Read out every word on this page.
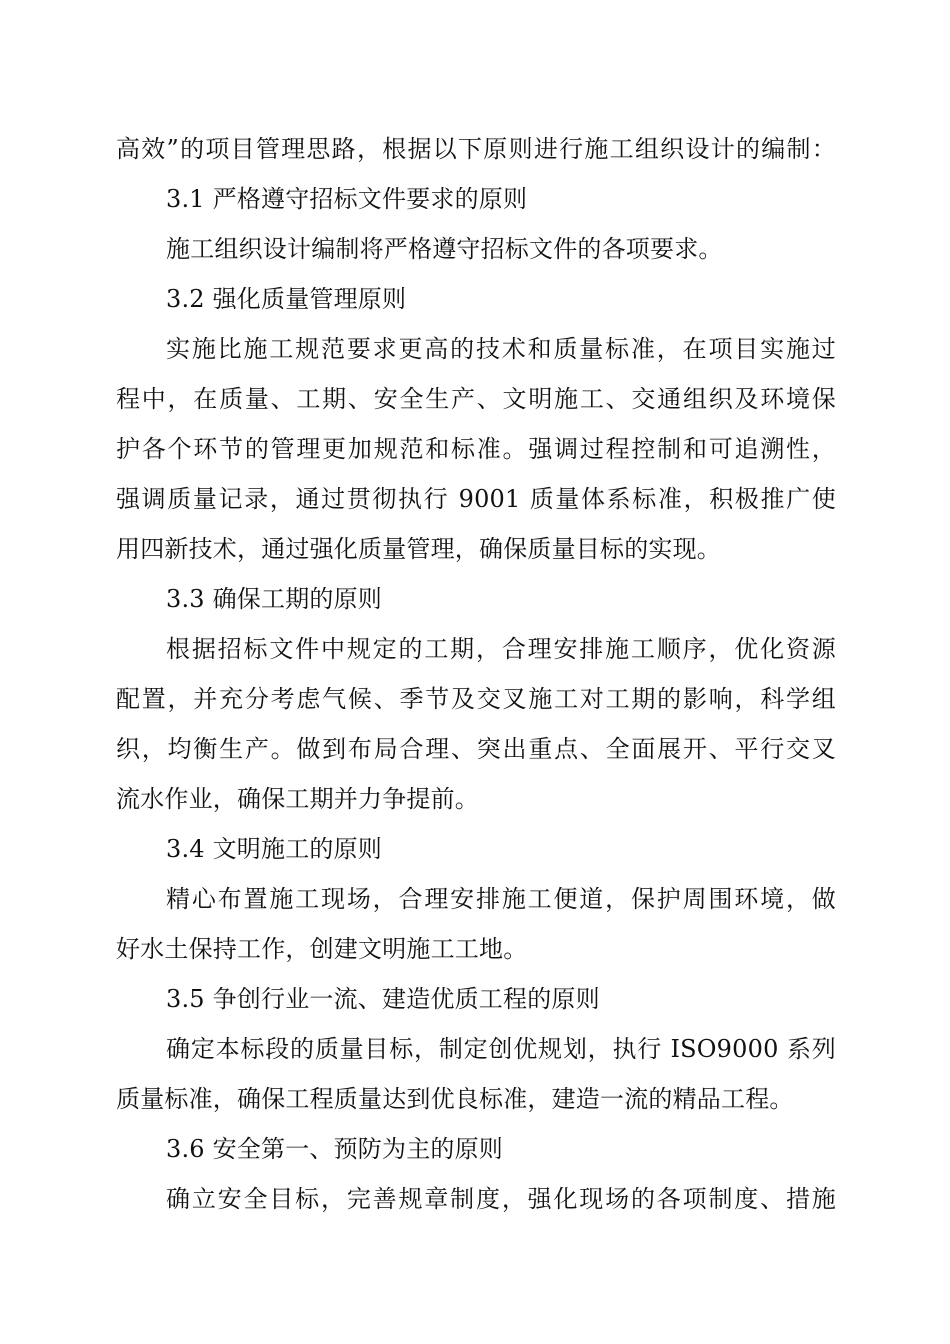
高效”的项目管理思路，根据以下原则进行施工组织设计的编制：
3.1 严格遵守招标文件要求的原则
施工组织设计编制将严格遵守招标文件的各项要求。
3.2 强化质量管理原则
实施比施工规范要求更高的技术和质量标准，在项目实施过
程中，在质量、工期、安全生产、文明施工、交通组织及环境保
护各个环节的管理更加规范和标准。强调过程控制和可追溯性，
强调质量记录，通过贯彻执行 9001 质量体系标准，积极推广使
用四新技术，通过强化质量管理，确保质量目标的实现。
3.3 确保工期的原则
根据招标文件中规定的工期，合理安排施工顺序，优化资源
配置，并充分考虑气候、季节及交叉施工对工期的影响，科学组
织，均衡生产。做到布局合理、突出重点、全面展开、平行交叉
流水作业，确保工期并力争提前。
3.4 文明施工的原则
精心布置施工现场，合理安排施工便道，保护周围环境，做
好水土保持工作，创建文明施工工地。
3.5 争创行业一流、建造优质工程的原则
确定本标段的质量目标，制定创优规划，执行 ISO9000 系列
质量标准，确保工程质量达到优良标准，建造一流的精品工程。
3.6 安全第一、预防为主的原则
确立安全目标，完善规章制度，强化现场的各项制度、措施
